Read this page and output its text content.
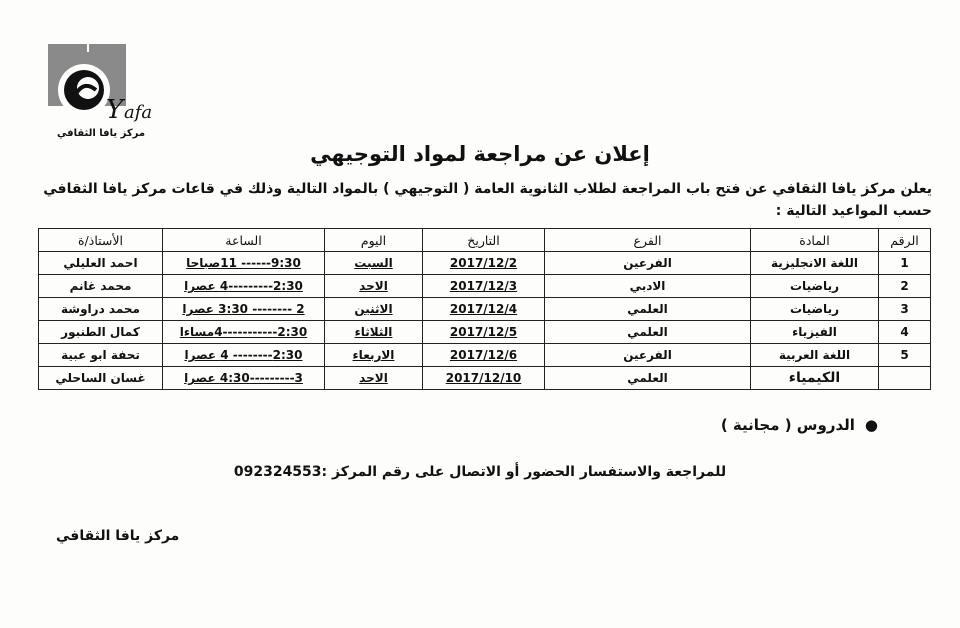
Y afa
مركز يافا الثقافي
إعلان عن مراجعة لمواد التوجيهي
يعلن مركز يافا الثقافي عن فتح باب المراجعة لطلاب الثانوية العامة ( التوجيهي ) بالمواد التالية وذلك في قاعات مركز يافا الثقافي حسب المواعيد التالية :
الرقم	المادة	الفرع	التاريخ	اليوم	الساعة	الأستاذ/ة
1	اللغة الانجليزية	الفرعين	2017/12/2	السبت	9:30------ 11صباحا	احمد العليلي
2	رياضيات	الادبي	2017/12/3	الاحد	2:30---------4 عصرا	محمد غانم
3	رياضيات	العلمي	2017/12/4	الاثنين	2 -------- 3:30 عصرا	محمد دراوشة
4	الفيزياء	العلمي	2017/12/5	الثلاثاء	2:30-----------4مساءا	كمال الطنبور
5	اللغة العربية	الفرعين	2017/12/6	الاربعاء	2:30-------- 4 عصرا	تحفة ابو عبية
	الكيمياء	العلمي	2017/12/10	الاحد	3---------4:30 عصرا	غسان الساحلي
●الدروس ( مجانية )
للمراجعة والاستفسار الحضور أو الاتصال على رقم المركز :092324553
مركز يافا الثقافي
